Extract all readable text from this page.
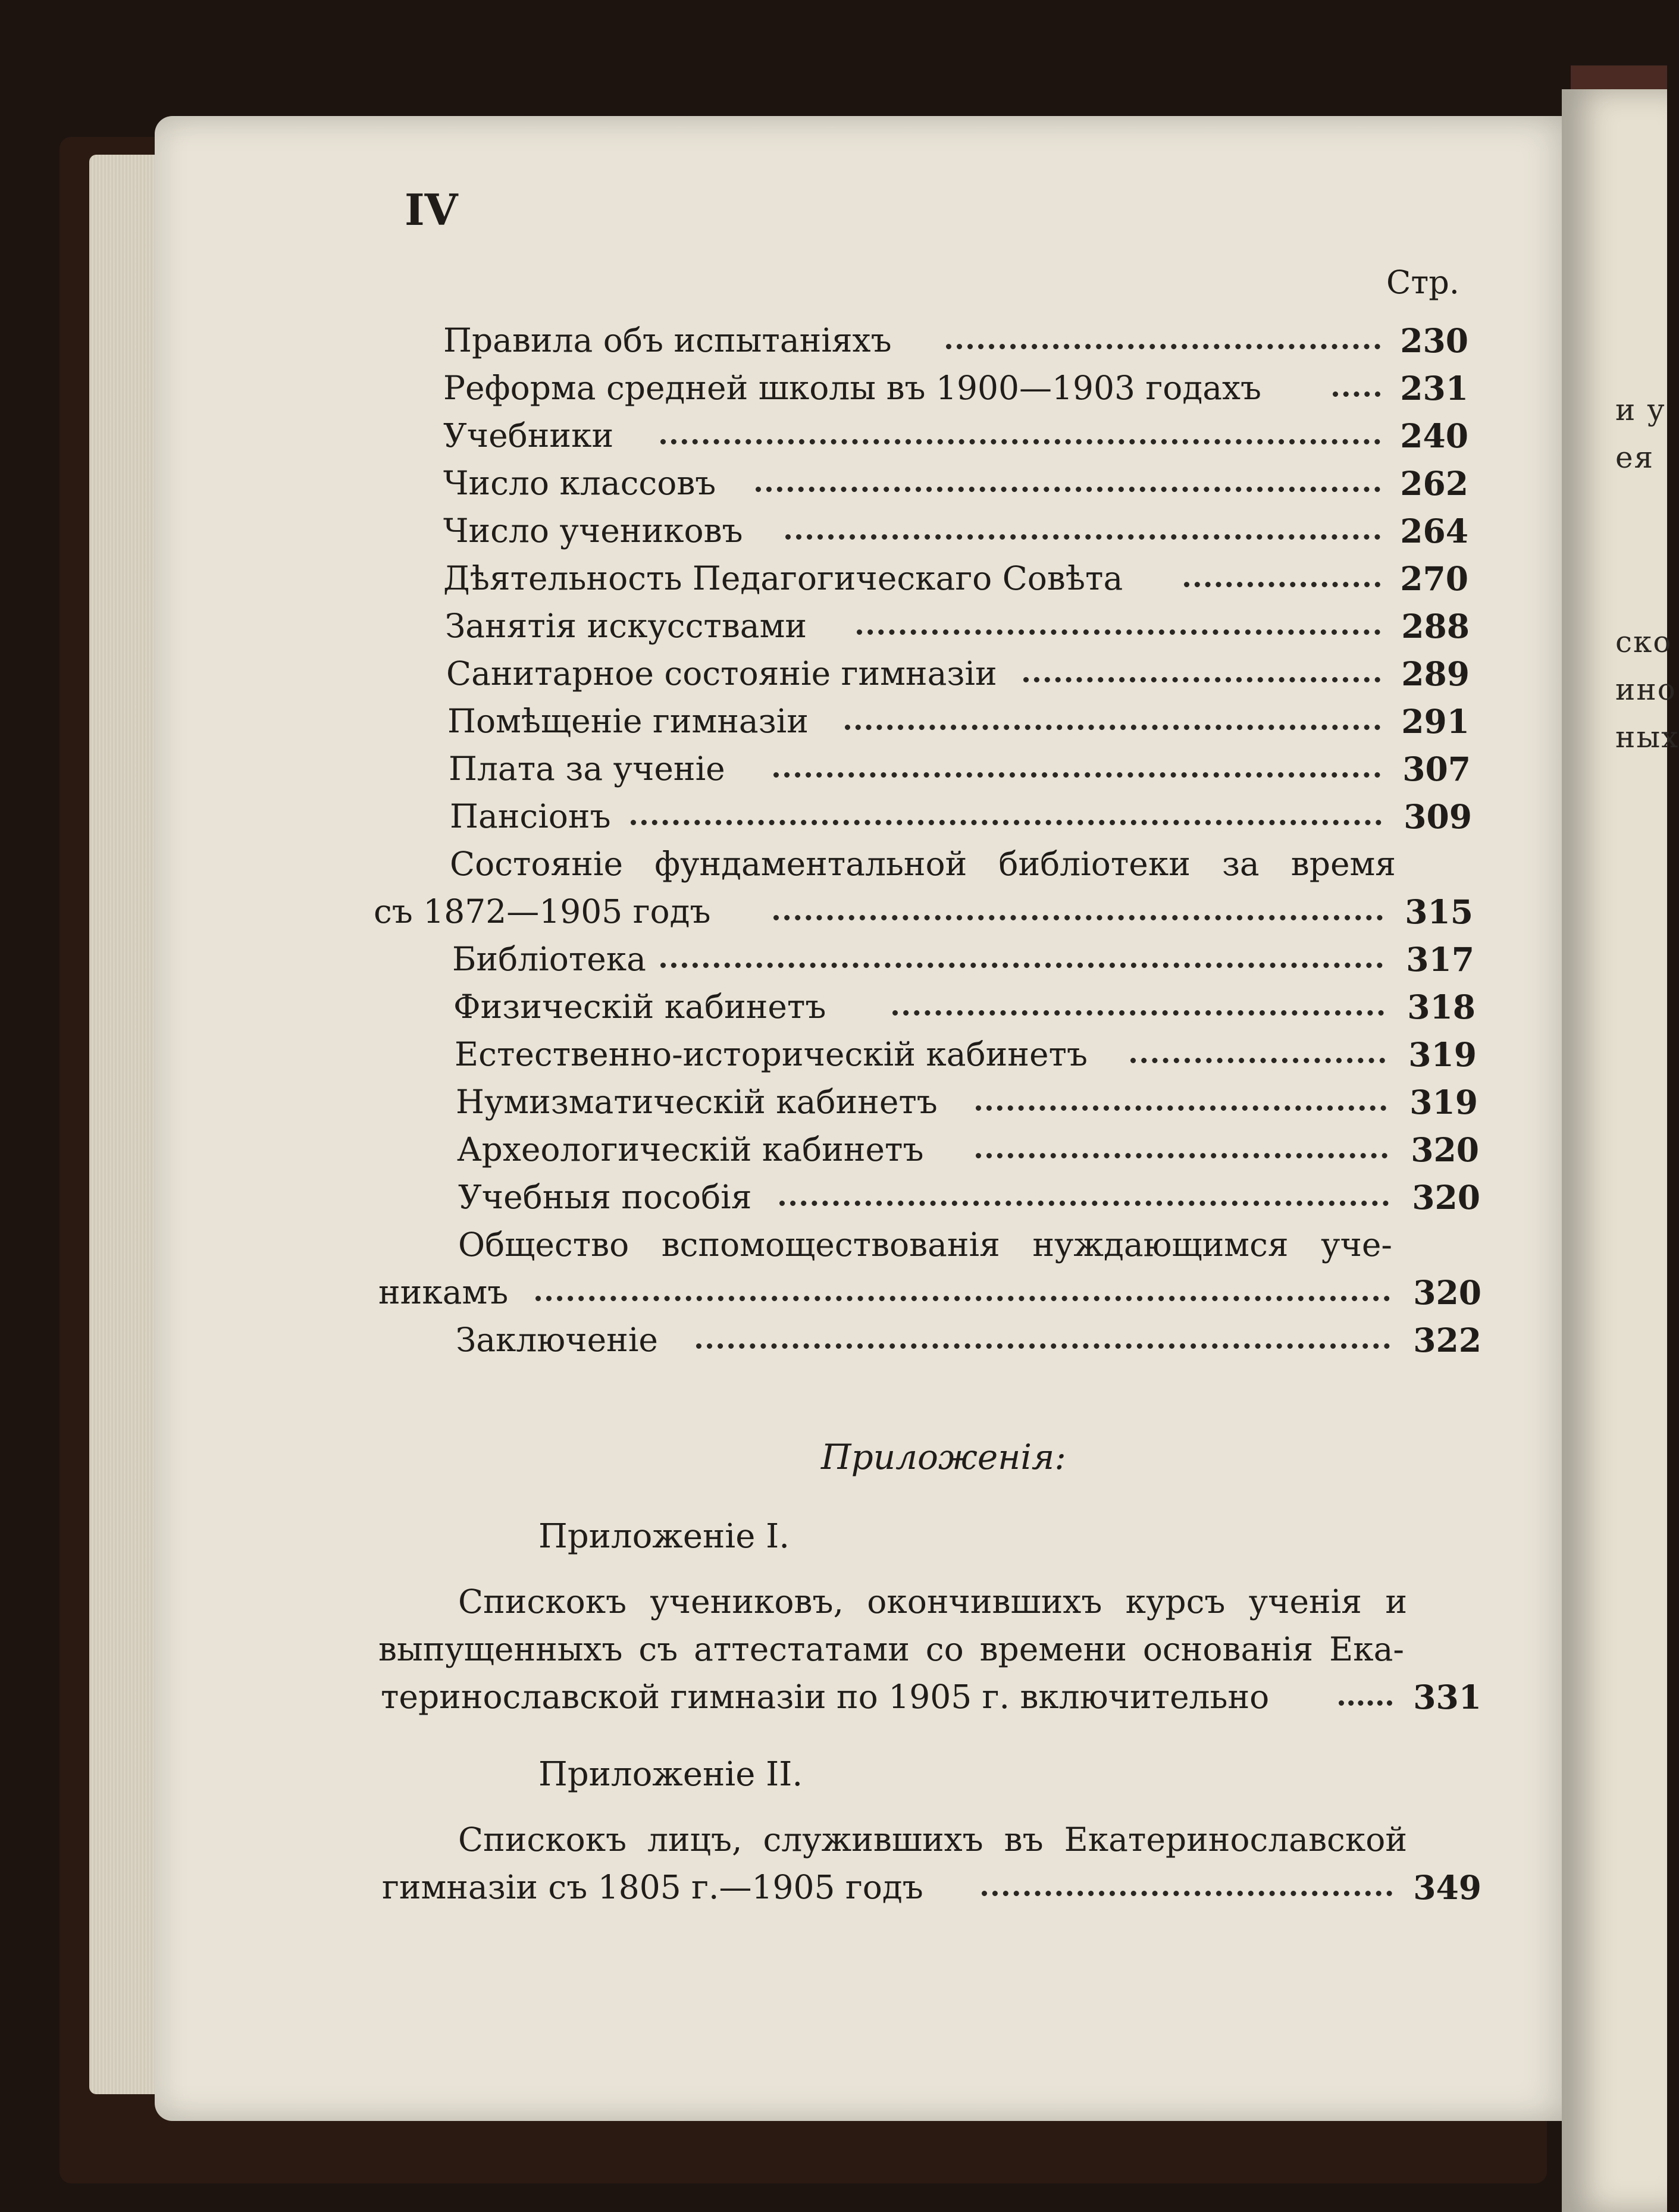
и у
ея
ско
ино
ных
IV
Стр.
Правила объ испытаніяхъ	230
Реформа средней школы въ 1900—1903 годахъ	231
Учебники	240
Число классовъ	262
Число учениковъ	264
Дѣятельность Педагогическаго Совѣта	270
Занятія искусствами	288
Санитарное состояніе гимназіи	289
Помѣщеніе гимназіи	291
Плата за ученіе	307
Пансіонъ	309
Состояніе фундаментальной библіотеки за время
съ 1872—1905 годъ	315
Библіотека	317
Физическій кабинетъ	318
Естественно-историческій кабинетъ	319
Нумизматическій кабинетъ	319
Археологическій кабинетъ	320
Учебныя пособія	320
Общество вспомоществованія нуждающимся уче-
никамъ	320
Заключеніе	322
Приложенія:
Приложеніе I.
Спискокъ учениковъ, окончившихъ курсъ ученія и
выпущенныхъ съ аттестатами со времени основанія Ека-
теринославской гимназіи по 1905 г. включительно	331
Приложеніе II.
Спискокъ лицъ, служившихъ въ Екатеринославской
гимназіи съ 1805 г.—1905 годъ	349
